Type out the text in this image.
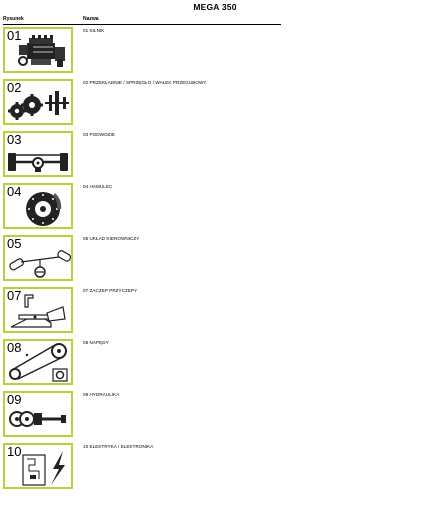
MEGA 350
Rysunek	Nazwa
01	01 SILNIK
02	02 PRZEKŁADNIE / SPRZĘGŁO / WAŁEK PRZEGUBOWY
03	03 PODWOZIE
04	04 HAMULEC
05	05 UKŁAD KIEROWNICZY
07	07 ZACZEP PRZYCZEPY
08	08 NAPĘDY
09	09 HYDRAULIKA
10	10 ELEKTRYKA / ELEKTRONIKA
